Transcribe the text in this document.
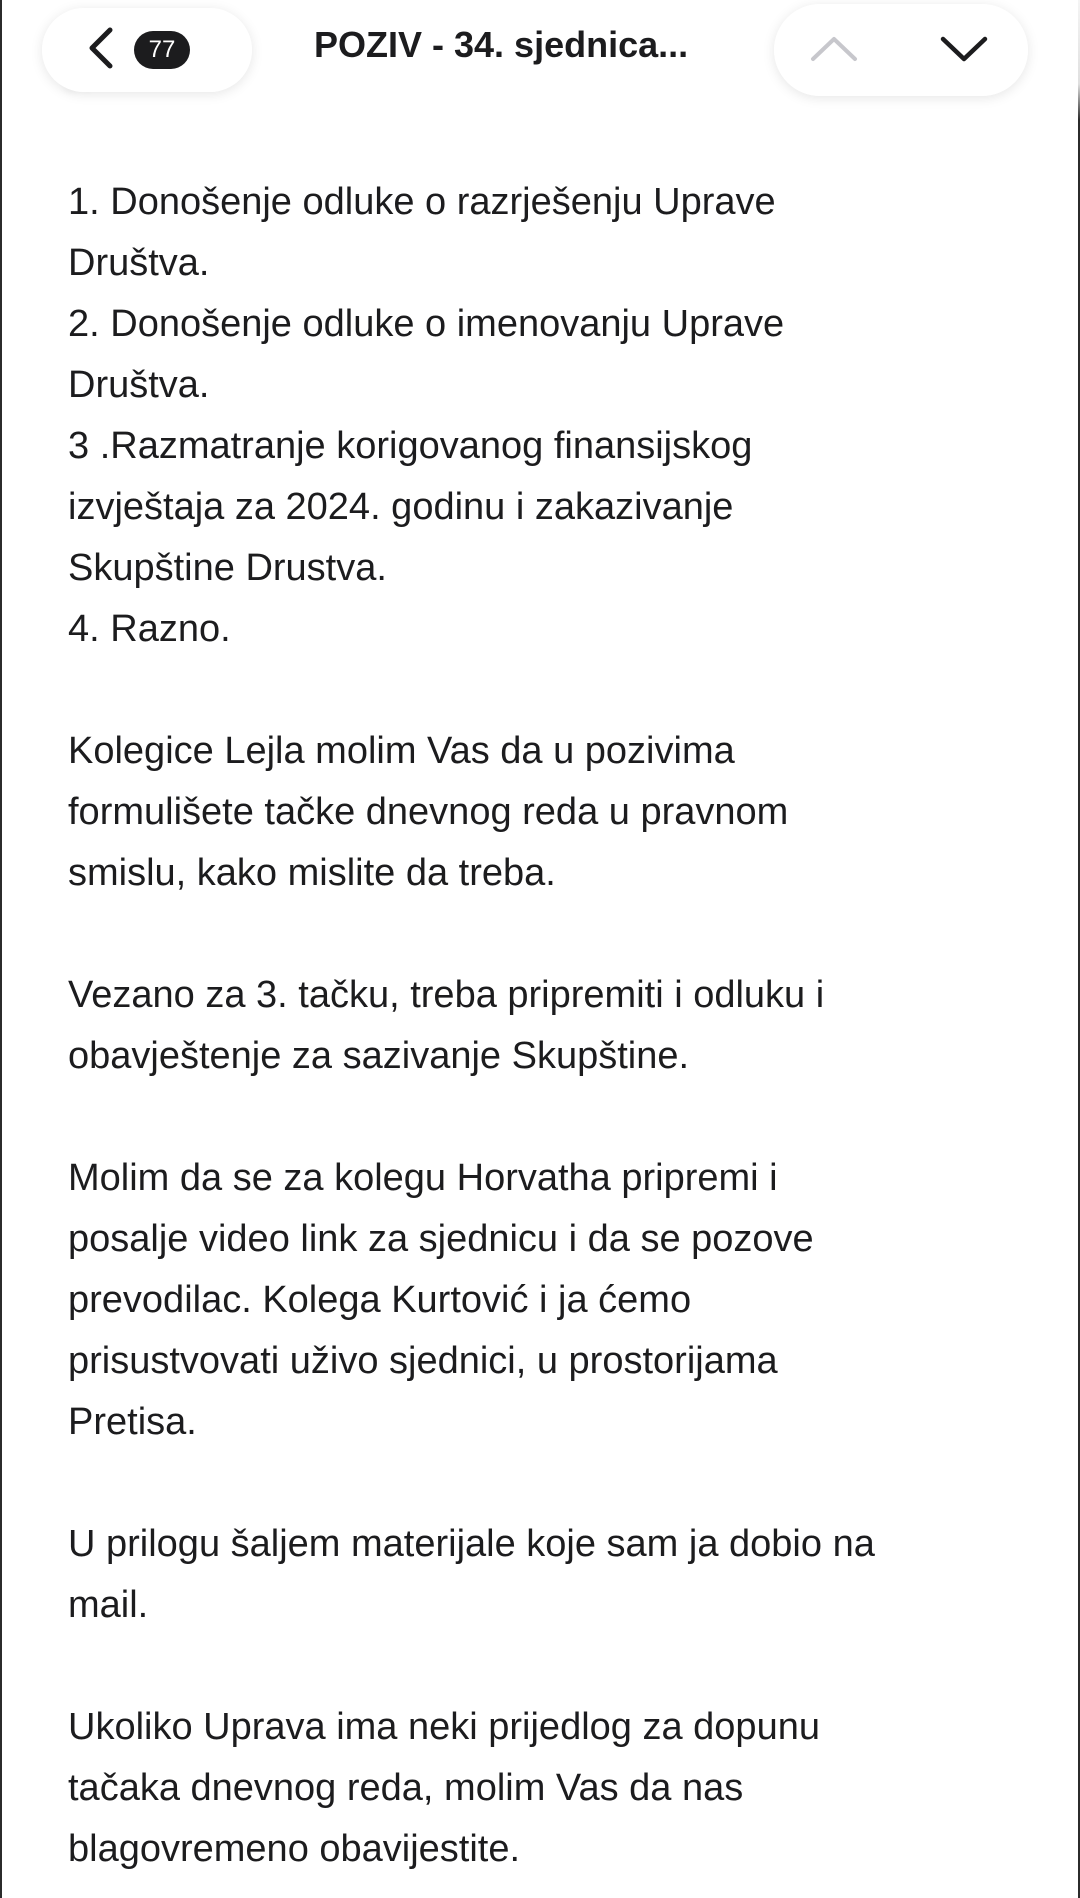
77	POZIV - 34. sjednica...

1. Donošenje odluke o razrješenju Uprave

Društva.

2. Donošenje odluke o imenovanju Uprave

Društva.

3 .Razmatranje korigovanog finansijskog

izvještaja za 2024. godinu i zakazivanje

Skupštine Drustva.

4. Razno.

Kolegice Lejla molim Vas da u pozivima

formulišete tačke dnevnog reda u pravnom

smislu, kako mislite da treba.

Vezano za 3. tačku, treba pripremiti i odluku i

obavještenje za sazivanje Skupštine.

Molim da se za kolegu Horvatha pripremi i

posalje video link za sjednicu i da se pozove

prevodilac. Kolega Kurtović i ja ćemo

prisustvovati uživo sjednici, u prostorijama

Pretisa.

U prilogu šaljem materijale koje sam ja dobio na

mail.

Ukoliko Uprava ima neki prijedlog za dopunu

tačaka dnevnog reda, molim Vas da nas

blagovremeno obavijestite.
